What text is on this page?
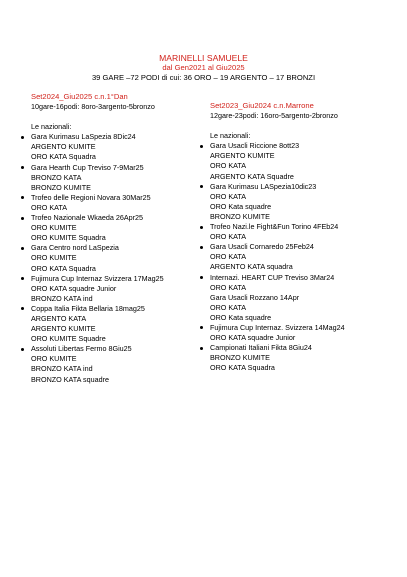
MARINELLI SAMUELE
dal Gen2021 al Giu2025
39 GARE –72 PODI di cui: 36 ORO – 19 ARGENTO – 17 BRONZI
Set2024_Giu2025 c.n.1°Dan
10gare-16podi: 8oro-3argento-5bronzo
Le nazionali:
Gara Kurimasu LaSpezia 8Dic24
ARGENTO KUMITE
ORO KATA Squadra
Gara Hearth Cup Treviso 7-9Mar25
BRONZO KATA
BRONZO KUMITE
Trofeo delle Regioni Novara 30Mar25
ORO KATA
Trofeo Nazionale Wkaeda 26Apr25
ORO KUMITE
ORO KUMITE Squadra
Gara Centro nord LaSpezia
ORO KUMITE
ORO KATA Squadra
Fujimura Cup Internaz Svizzera 17Mag25
ORO KATA squadre Junior
BRONZO KATA ind
Coppa Italia Fikta Bellaria 18mag25
ARGENTO KATA
ARGENTO KUMITE
ORO KUMITE Squadre
Assoluti Libertas Fermo 8Giu25
ORO KUMITE
BRONZO KATA ind
BRONZO KATA squadre
Set2023_Giu2024 c.n.Marrone
12gare-23podi: 16oro-5argento-2bronzo
Le nazionali:
Gara Usacli Riccione 8ott23
ARGENTO KUMITE
ORO KATA
ARGENTO KATA Squadre
Gara Kurimasu LASpezia10dic23
ORO KATA
ORO Kata squadre
BRONZO KUMITE
Trofeo Nazi.le Fight&Fun Torino 4FEb24
ORO KATA
Gara Usacli Cornaredo 25Feb24
ORO KATA
ARGENTO KATA squadra
Internazi. HEART CUP Treviso 3Mar24
ORO KATA
Gara Usacli Rozzano 14Apr
ORO KATA
ORO Kata squadre
Fujimura Cup Internaz. Svizzera 14Mag24
ORO KATA squadre Junior
Campionati Italiani Fikta 8Giu24
BRONZO KUMITE
ORO KATA Squadra
